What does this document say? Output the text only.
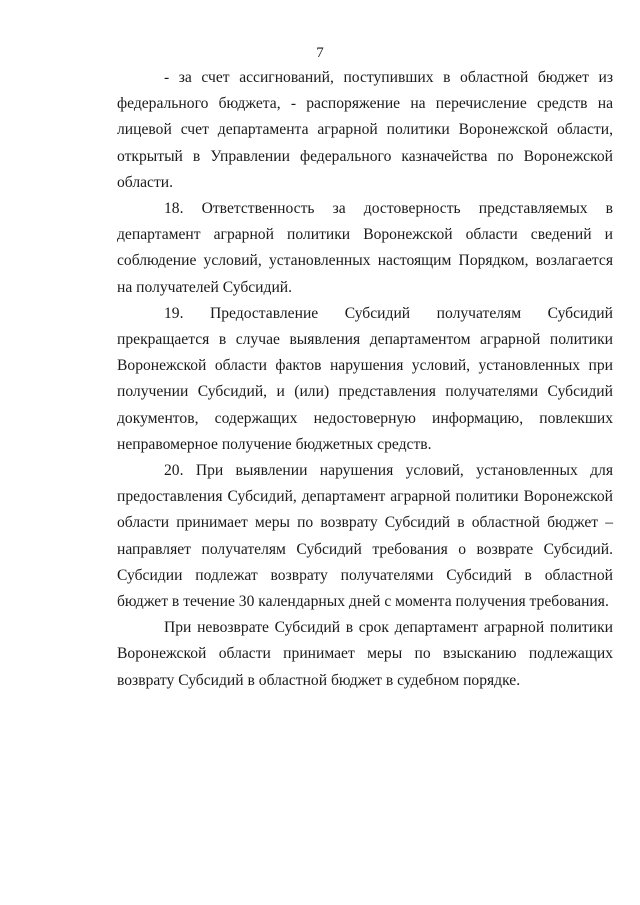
7

- за счет ассигнований, поступивших в областной бюджет из федерального бюджета, - распоряжение на перечисление средств на лицевой счет департамента аграрной политики Воронежской области, открытый в Управлении федерального казначейства по Воронежской области.

18. Ответственность за достоверность представляемых в департамент аграрной политики Воронежской области сведений и соблюдение условий, установленных настоящим Порядком, возлагается на получателей Субсидий.

19. Предоставление Субсидий получателям Субсидий прекращается в случае выявления департаментом аграрной политики Воронежской области фактов нарушения условий, установленных при получении Субсидий, и (или) представления получателями Субсидий документов, содержащих недостоверную информацию, повлекших неправомерное получение бюджетных средств.

20. При выявлении нарушения условий, установленных для предоставления Субсидий, департамент аграрной политики Воронежской области принимает меры по возврату Субсидий в областной бюджет – направляет получателям Субсидий требования о возврате Субсидий. Субсидии подлежат возврату получателями Субсидий в областной бюджет в течение 30 календарных дней с момента получения требования.

При невозврате Субсидий в срок департамент аграрной политики Воронежской области принимает меры по взысканию подлежащих возврату Субсидий в областной бюджет в судебном порядке.
